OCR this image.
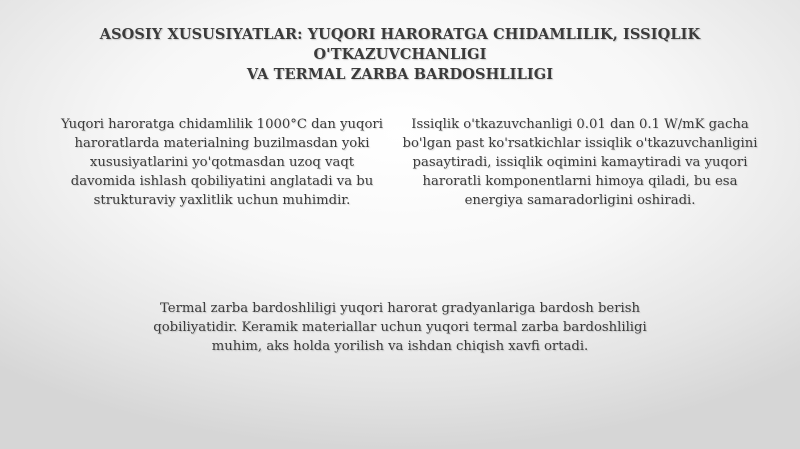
ASOSIY XUSUSIYATLAR: YUQORI HARORATGA CHIDAMLILIK, ISSIQLIK O'TKAZUVCHANLIGI
VA TERMAL ZARBA BARDOSHLILIGI
Yuqori haroratga chidamlilik 1000°C dan yuqori haroratlarda materialning buzilmasdan yoki xususiyatlarini yo'qotmasdan uzoq vaqt davomida ishlash qobiliyatini anglatadi va bu strukturaviy yaxlitlik uchun muhimdir.
Issiqlik o'tkazuvchanligi 0.01 dan 0.1 W/mK gacha bo'lgan past ko'rsatkichlar issiqlik o'tkazuvchanligini pasaytiradi, issiqlik oqimini kamaytiradi va yuqori haroratli komponentlarni himoya qiladi, bu esa energiya samaradorligini oshiradi.
Termal zarba bardoshliligi yuqori harorat gradyanlariga bardosh berish qobiliyatidir. Keramik materiallar uchun yuqori termal zarba bardoshliligi muhim, aks holda yorilish va ishdan chiqish xavfi ortadi.
